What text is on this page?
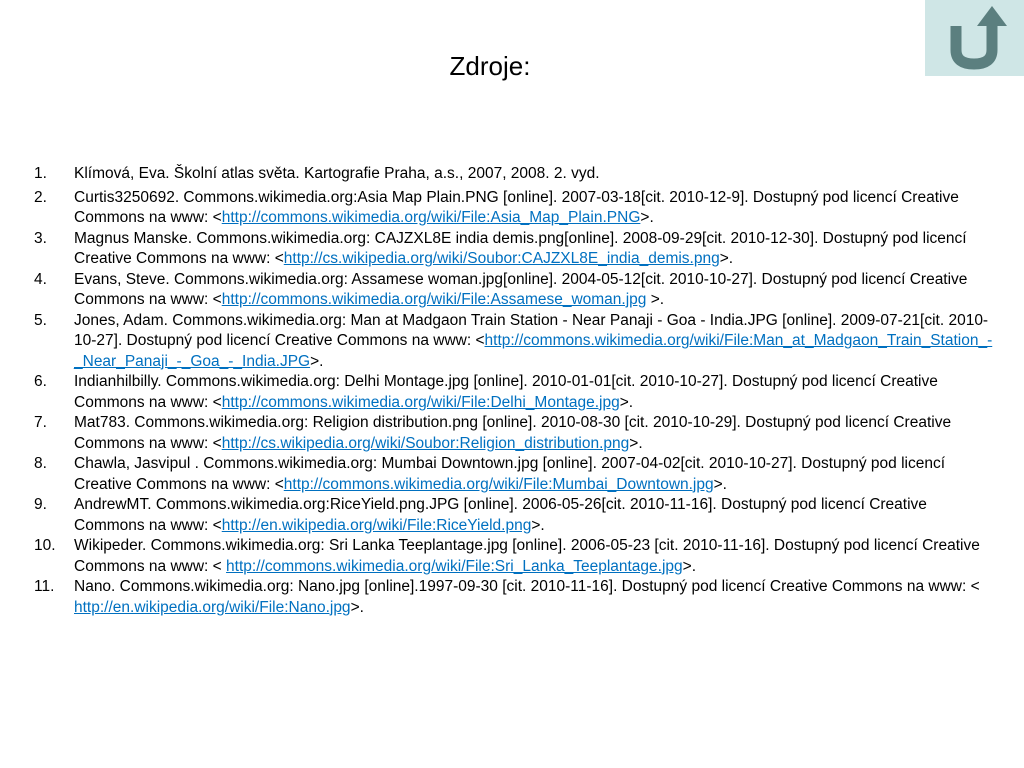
Zdroje:
1.	Klímová, Eva. Školní atlas světa. Kartografie Praha, a.s., 2007, 2008. 2. vyd.
2.	Curtis3250692. Commons.wikimedia.org:Asia Map Plain.PNG [online]. 2007-03-18[cit. 2010-12-9]. Dostupný pod licencí Creative Commons na www: <http://commons.wikimedia.org/wiki/File:Asia_Map_Plain.PNG>.
3.	Magnus Manske. Commons.wikimedia.org: CAJZXL8E india demis.png[online]. 2008-09-29[cit. 2010-12-30]. Dostupný pod licencí Creative Commons na www: <http://cs.wikipedia.org/wiki/Soubor:CAJZXL8E_india_demis.png>.
4.	Evans, Steve. Commons.wikimedia.org: Assamese woman.jpg[online]. 2004-05-12[cit. 2010-10-27]. Dostupný pod licencí Creative Commons na www: <http://commons.wikimedia.org/wiki/File:Assamese_woman.jpg >.
5.	Jones, Adam. Commons.wikimedia.org: Man at Madgaon Train Station - Near Panaji - Goa - India.JPG [online]. 2009-07-21[cit. 2010-10-27]. Dostupný pod licencí Creative Commons na www: <http://commons.wikimedia.org/wiki/File:Man_at_Madgaon_Train_Station_-_Near_Panaji_-_Goa_-_India.JPG>.
6.	Indianhilbilly. Commons.wikimedia.org: Delhi Montage.jpg [online]. 2010-01-01[cit. 2010-10-27]. Dostupný pod licencí Creative Commons na www: <http://commons.wikimedia.org/wiki/File:Delhi_Montage.jpg>.
7.	Mat783. Commons.wikimedia.org: Religion distribution.png [online]. 2010-08-30 [cit. 2010-10-29]. Dostupný pod licencí Creative Commons na www: <http://cs.wikipedia.org/wiki/Soubor:Religion_distribution.png>.
8.	Chawla, Jasvipul . Commons.wikimedia.org: Mumbai Downtown.jpg [online]. 2007-04-02[cit. 2010-10-27]. Dostupný pod licencí Creative Commons na www: <http://commons.wikimedia.org/wiki/File:Mumbai_Downtown.jpg>.
9.	AndrewMT. Commons.wikimedia.org:RiceYield.png.JPG [online]. 2006-05-26[cit. 2010-11-16]. Dostupný pod licencí Creative Commons na www: <http://en.wikipedia.org/wiki/File:RiceYield.png>.
10.	Wikipeder. Commons.wikimedia.org: Sri Lanka Teeplantage.jpg [online]. 2006-05-23 [cit. 2010-11-16]. Dostupný pod licencí Creative Commons na www: < http://commons.wikimedia.org/wiki/File:Sri_Lanka_Teeplantage.jpg>.
11.	Nano. Commons.wikimedia.org: Nano.jpg [online].1997-09-30 [cit. 2010-11-16]. Dostupný pod licencí Creative Commons na www: < http://en.wikipedia.org/wiki/File:Nano.jpg>.
